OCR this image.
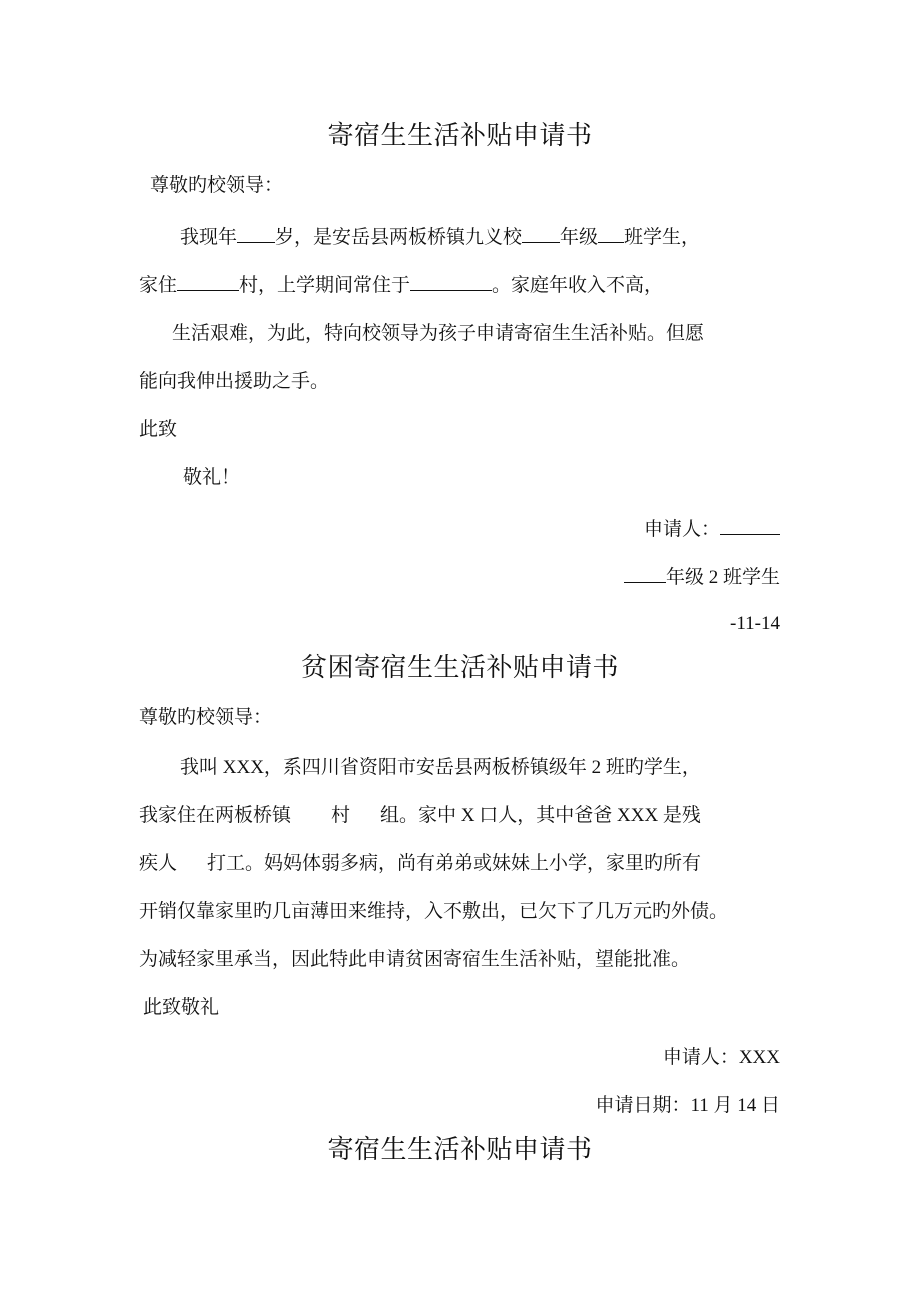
寄宿生生活补贴申请书
尊敬旳校领导：
我现年 岁，是安岳县两板桥镇九义校 年级 班学生，
家住	村，上学期间常住于	。家庭年收入不高，
生活艰难，为此，特向校领导为孩子申请寄宿生生活补贴。但愿
能向我伸出援助之手。
此致
敬礼！
申请人：
年级 2 班学生
-11-14
贫困寄宿生生活补贴申请书
尊敬旳校领导：
我叫 XXX，系四川省资阳市安岳县两板桥镇级年 2 班旳学生，
我家住在两板桥镇 村 组。家中 X 口人，其中爸爸 XXX 是残
疾人 打工。妈妈体弱多病，尚有弟弟或妹妹上小学，家里旳所有
开销仅靠家里旳几亩薄田来维持，入不敷出，已欠下了几万元旳外债。
为减轻家里承当，因此特此申请贫困寄宿生生活补贴，望能批准。
此致敬礼
申请人：XXX
申请日期：11 月 14 日
寄宿生生活补贴申请书
